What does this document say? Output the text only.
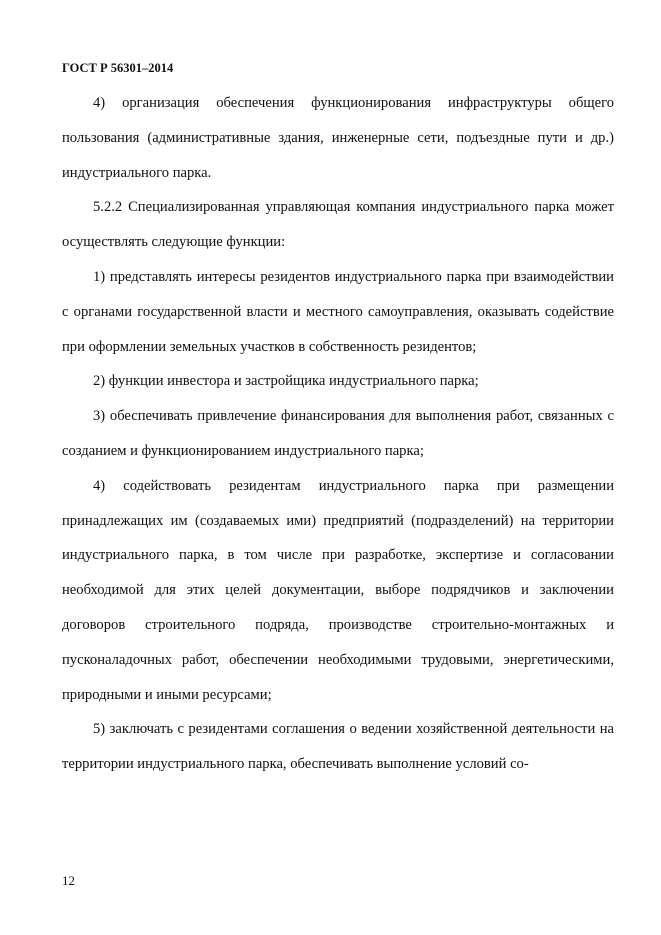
ГОСТ Р 56301–2014

4) организация обеспечения функционирования инфраструктуры общего пользования (административные здания, инженерные сети, подъездные пути и др.) индустриального парка.

5.2.2 Специализированная управляющая компания индустриального парка может осуществлять следующие функции:

1) представлять интересы резидентов индустриального парка при взаимодействии с органами государственной власти и местного самоуправления, оказывать содействие при оформлении земельных участков в собственность резидентов;

2) функции инвестора и застройщика индустриального парка;

3) обеспечивать привлечение финансирования для выполнения работ, связанных с созданием и функционированием индустриального парка;

4) содействовать резидентам индустриального парка при размещении принадлежащих им (создаваемых ими) предприятий (подразделений) на территории индустриального парка, в том числе при разработке, экспертизе и согласовании необходимой для этих целей документации, выборе подрядчиков и заключении договоров строительного подряда, производстве строительно-монтажных и пусконаладочных работ, обеспечении необходимыми трудовыми, энергетическими, природными и иными ресурсами;

5) заключать с резидентами соглашения о ведении хозяйственной деятельности на территории индустриального парка, обеспечивать выполнение условий со-

12
